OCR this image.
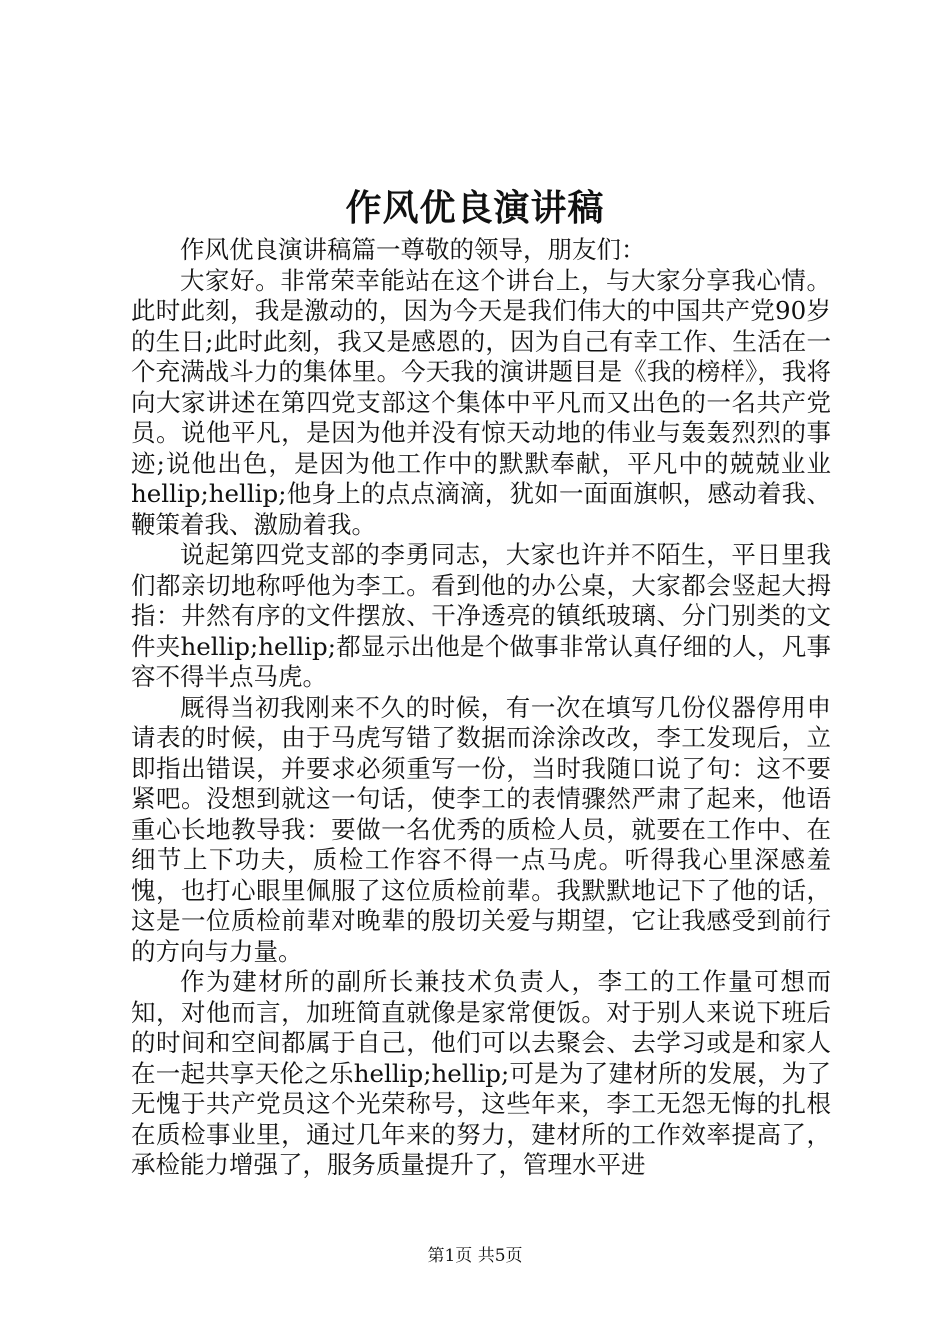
作风优良演讲稿

作风优良演讲稿篇一尊敬的领导，朋友们：

大家好。非常荣幸能站在这个讲台上，与大家分享我心情。此时此刻，我是激动的，因为今天是我们伟大的中国共产党90岁的生日;此时此刻，我又是感恩的，因为自己有幸工作、生活在一个充满战斗力的集体里。今天我的演讲题目是《我的榜样》，我将向大家讲述在第四党支部这个集体中平凡而又出色的一名共产党员。说他平凡，是因为他并没有惊天动地的伟业与轰轰烈烈的事迹;说他出色，是因为他工作中的默默奉献，平凡中的兢兢业业hellip;hellip;他身上的点点滴滴，犹如一面面旗帜，感动着我、鞭策着我、激励着我。

说起第四党支部的李勇同志，大家也许并不陌生，平日里我们都亲切地称呼他为李工。看到他的办公桌，大家都会竖起大拇指：井然有序的文件摆放、干净透亮的镇纸玻璃、分门别类的文件夹hellip;hellip;都显示出他是个做事非常认真仔细的人，凡事容不得半点马虎。

厩得当初我刚来不久的时候，有一次在填写几份仪器停用申请表的时候，由于马虎写错了数据而涂涂改改，李工发现后，立即指出错误，并要求必须重写一份，当时我随口说了句：这不要紧吧。没想到就这一句话，使李工的表情骤然严肃了起来，他语重心长地教导我：要做一名优秀的质检人员，就要在工作中、在细节上下功夫，质检工作容不得一点马虎。听得我心里深感羞愧，也打心眼里佩服了这位质检前辈。我默默地记下了他的话，这是一位质检前辈对晚辈的殷切关爱与期望，它让我感受到前行的方向与力量。

作为建材所的副所长兼技术负责人，李工的工作量可想而知，对他而言，加班简直就像是家常便饭。对于别人来说下班后的时间和空间都属于自己，他们可以去聚会、去学习或是和家人在一起共享天伦之乐hellip;hellip;可是为了建材所的发展，为了无愧于共产党员这个光荣称号，这些年来，李工无怨无悔的扎根在质检事业里，通过几年来的努力，建材所的工作效率提高了，承检能力增强了，服务质量提升了，管理水平进

第1页 共5页
